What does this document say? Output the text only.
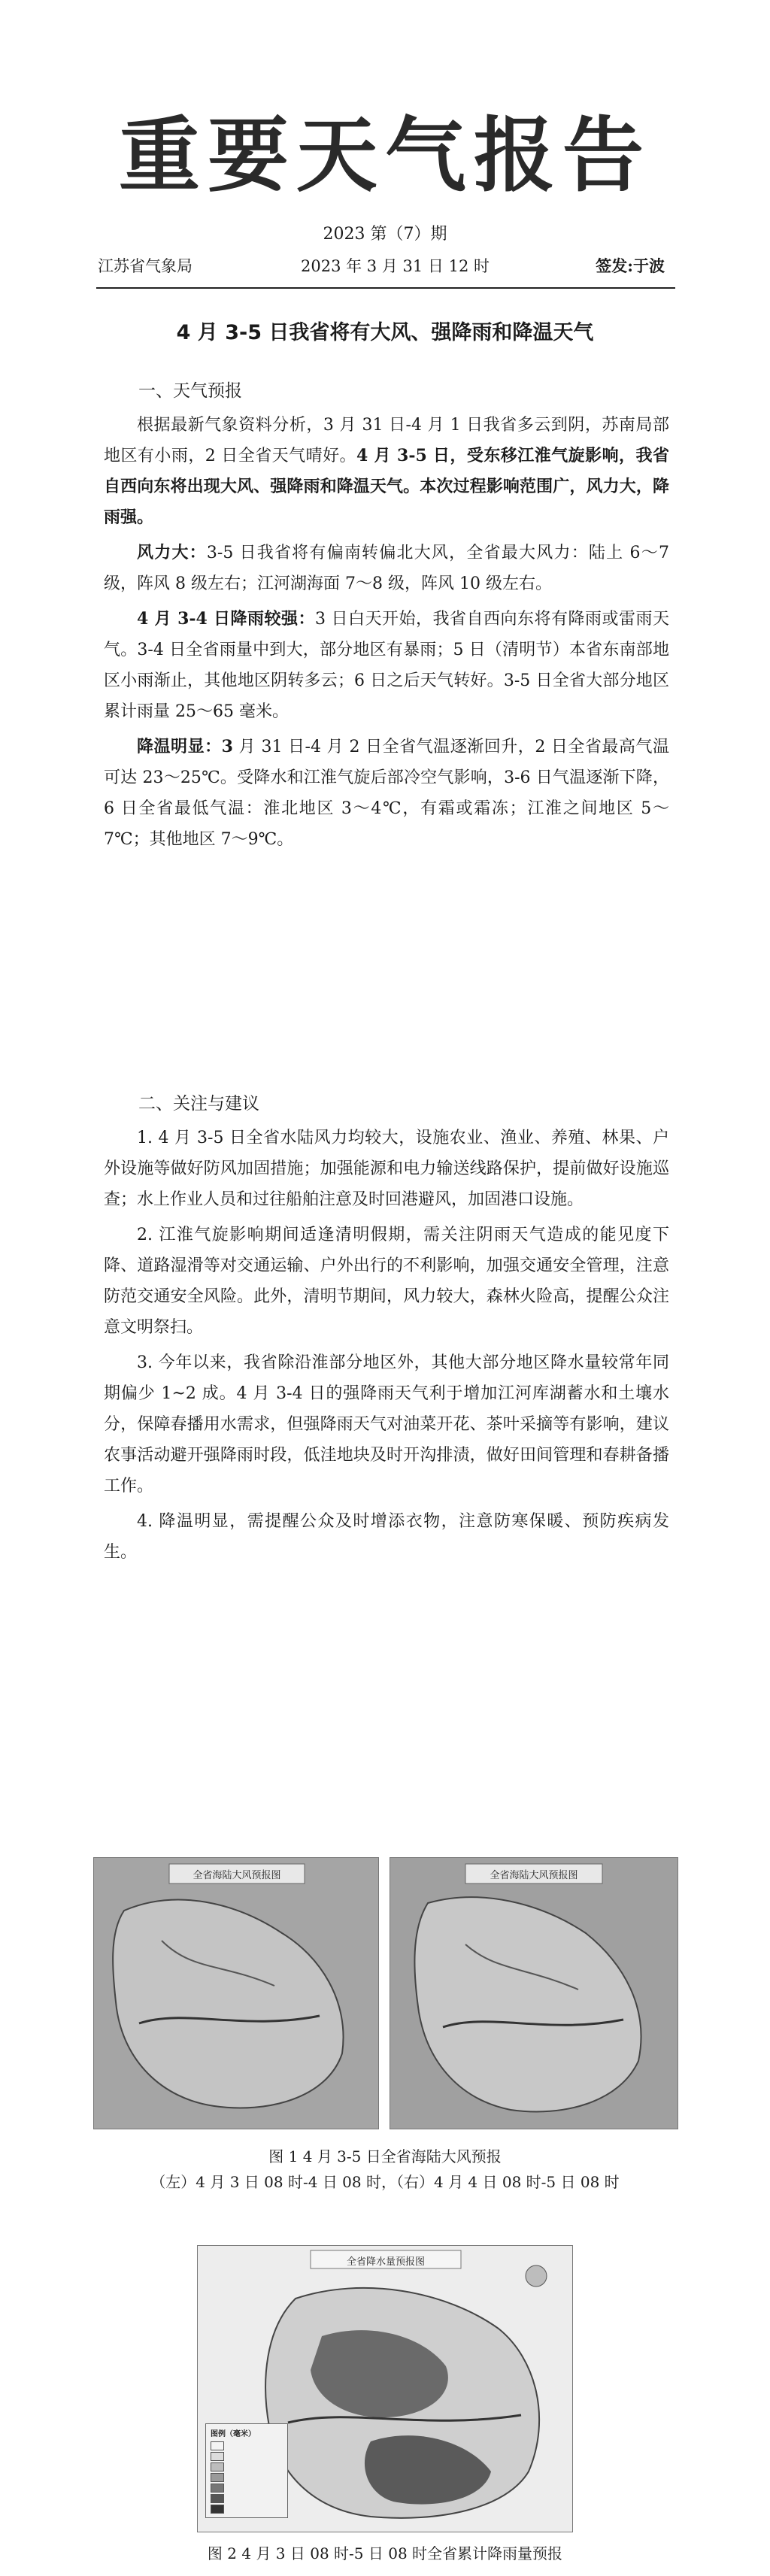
重要天气报告
2023 第（7）期
江苏省气象局	2023 年 3 月 31 日 12 时	签发:于波
4 月 3-5 日我省将有大风、强降雨和降温天气
一、天气预报

根据最新气象资料分析，3 月 31 日-4 月 1 日我省多云到阴，苏南局部地区有小雨，2 日全省天气晴好。4 月 3-5 日，受东移江淮气旋影响，我省自西向东将出现大风、强降雨和降温天气。本次过程影响范围广，风力大，降雨强。

风力大：3-5 日我省将有偏南转偏北大风，全省最大风力：陆上 6～7 级，阵风 8 级左右；江河湖海面 7～8 级，阵风 10 级左右。

4 月 3-4 日降雨较强：3 日白天开始，我省自西向东将有降雨或雷雨天气。3-4 日全省雨量中到大，部分地区有暴雨；5 日（清明节）本省东南部地区小雨渐止，其他地区阴转多云；6 日之后天气转好。3-5 日全省大部分地区累计雨量 25～65 毫米。

降温明显：3 月 31 日-4 月 2 日全省气温逐渐回升，2 日全省最高气温可达 23～25℃。受降水和江淮气旋后部冷空气影响，3-6 日气温逐渐下降，6 日全省最低气温：淮北地区 3～4℃，有霜或霜冻；江淮之间地区 5～7℃；其他地区 7～9℃。

二、关注与建议

1. 4 月 3-5 日全省水陆风力均较大，设施农业、渔业、养殖、林果、户外设施等做好防风加固措施；加强能源和电力输送线路保护，提前做好设施巡查；水上作业人员和过往船舶注意及时回港避风，加固港口设施。

2. 江淮气旋影响期间适逢清明假期，需关注阴雨天气造成的能见度下降、道路湿滑等对交通运输、户外出行的不利影响，加强交通安全管理，注意防范交通安全风险。此外，清明节期间，风力较大，森林火险高，提醒公众注意文明祭扫。

3. 今年以来，我省除沿淮部分地区外，其他大部分地区降水量较常年同期偏少 1~2 成。4 月 3-4 日的强降雨天气利于增加江河库湖蓄水和土壤水分，保障春播用水需求，但强降雨天气对油菜开花、茶叶采摘等有影响，建议农事活动避开强降雨时段，低洼地块及时开沟排渍，做好田间管理和春耕备播工作。

4. 降温明显，需提醒公众及时增添衣物，注意防寒保暖、预防疾病发生。

全省海陆大风预报图	全省海陆大风预报图
图 1 4 月 3-5 日全省海陆大风预报
（左）4 月 3 日 08 时-4 日 08 时，（右）4 月 4 日 08 时-5 日 08 时
全省降水量预报图
图例（毫米）
图 2 4 月 3 日 08 时-5 日 08 时全省累计降雨量预报
